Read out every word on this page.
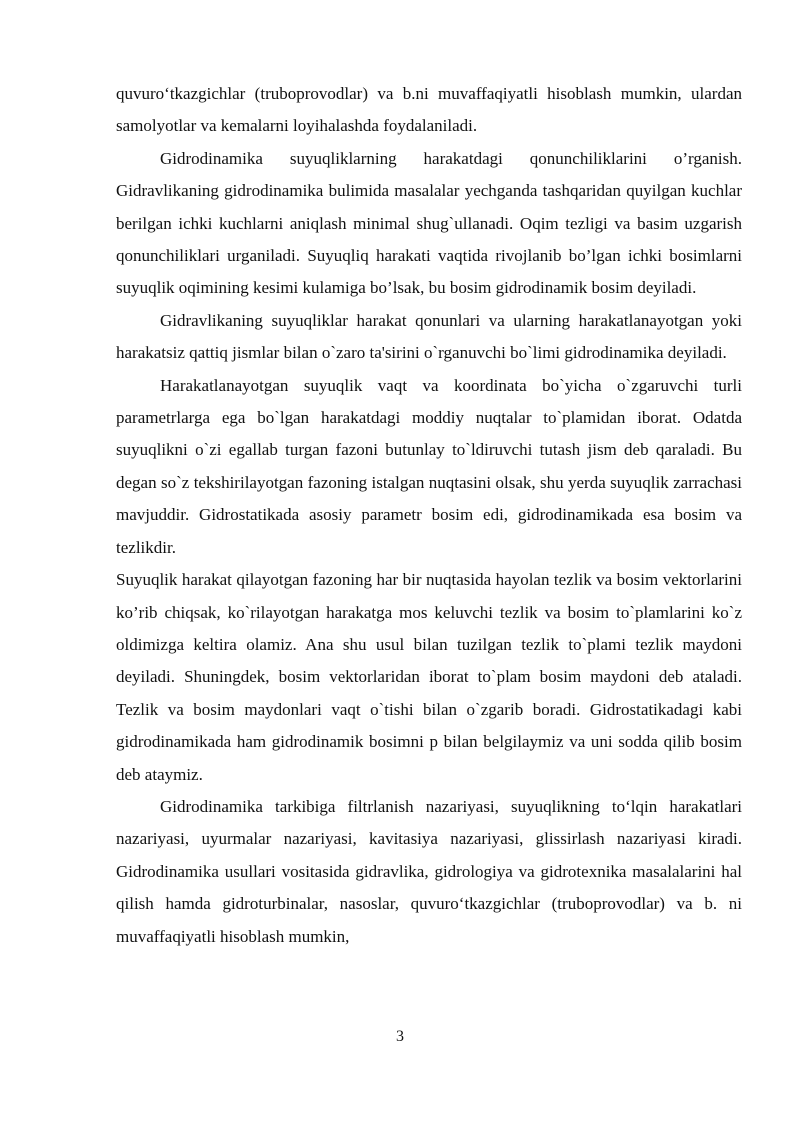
quvuro‘tkazgichlar (truboprovodlar) va b.ni muvaffaqiyatli hisoblash mumkin, ulardan samolyotlar va kemalarni loyihalashda foydalaniladi.

Gidrodinamika suyuqliklarning harakatdagi qonunchiliklarini o’rganish. Gidravlikaning gidrodinamika bulimida masalalar yechganda tashqaridan quyilgan kuchlar berilgan ichki kuchlarni aniqlash minimal shug`ullanadi. Oqim tezligi va basim uzgarish qonunchiliklari urganiladi. Suyuqliq harakati vaqtida rivojlanib bo’lgan ichki bosimlarni suyuqlik oqimining kesimi kulamiga bo’lsak, bu bosim gidrodinamik bosim deyiladi.

Gidravlikaning suyuqliklar harakat qonunlari va ularning harakatlanayotgan yoki harakatsiz qattiq jismlar bilan o`zaro ta'sirini o`rganuvchi bo`limi gidrodinamika deyiladi.

Harakatlanayotgan suyuqlik vaqt va koordinata bo`yicha o`zgaruvchi turli parametrlarga ega bo`lgan harakatdagi moddiy nuqtalar to`plamidan iborat. Odatda suyuqlikni o`zi egallab turgan fazoni butunlay to`ldiruvchi tutash jism deb qaraladi. Bu degan so`z tekshirilayotgan fazoning istalgan nuqtasini olsak, shu yerda suyuqlik zarrachasi mavjuddir. Gidrostatikada asosiy parametr bosim edi, gidrodinamikada esa bosim va tezlikdir.

Suyuqlik harakat qilayotgan fazoning har bir nuqtasida hayolan tezlik va bosim vektorlarini ko’rib chiqsak, ko`rilayotgan harakatga mos keluvchi tezlik va bosim to`plamlarini ko`z oldimizga keltira olamiz. Ana shu usul bilan tuzilgan tezlik to`plami tezlik maydoni deyiladi. Shuningdek, bosim vektorlaridan iborat to`plam bosim maydoni deb ataladi. Tezlik va bosim maydonlari vaqt o`tishi bilan o`zgarib boradi. Gidrostatikadagi kabi gidrodinamikada ham gidrodinamik bosimni p bilan belgilaymiz va uni sodda qilib bosim deb ataymiz.

Gidrodinamika tarkibiga filtrlanish nazariyasi, suyuqlikning to‘lqin harakatlari nazariyasi, uyurmalar nazariyasi, kavitasiya nazariyasi, glissirlash nazariyasi kiradi. Gidrodinamika usullari vositasida gidravlika, gidrologiya va gidrotexnika masalalarini hal qilish hamda gidroturbinalar, nasoslar, quvuro‘tkazgichlar (truboprovodlar) va b. ni muvaffaqiyatli hisoblash mumkin,

3
